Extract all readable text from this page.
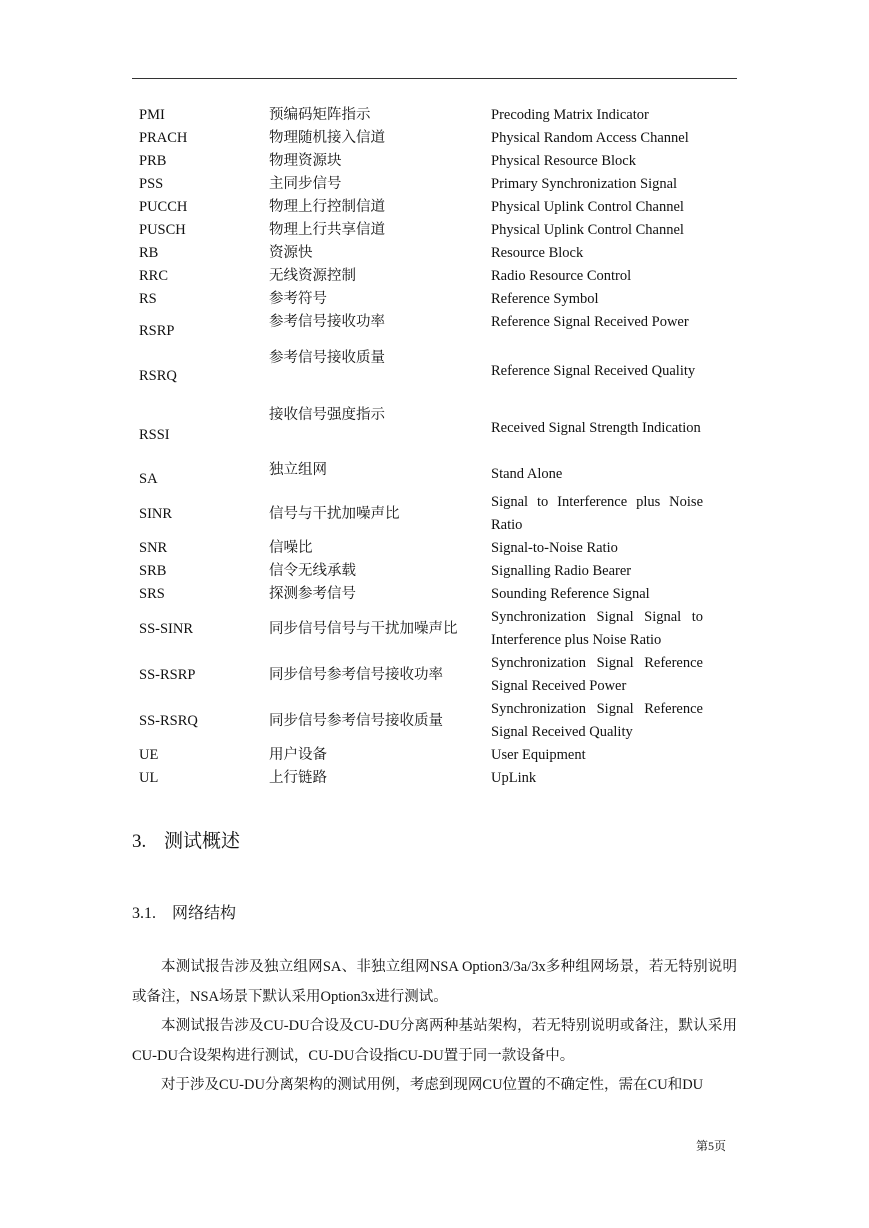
PMI	预编码矩阵指示	Precoding Matrix Indicator
PRACH	物理随机接入信道	Physical Random Access Channel
PRB	物理资源块	Physical Resource Block
PSS	主同步信号	Primary Synchronization Signal
PUCCH	物理上行控制信道	Physical Uplink Control Channel
PUSCH	物理上行共享信道	Physical Uplink Control Channel
RB	资源快	Resource Block
RRC	无线资源控制	Radio Resource Control
RS	参考符号	Reference Symbol
RSRP	参考信号接收功率	Reference Signal Received Power
RSRQ	参考信号接收质量	Reference Signal Received Quality
RSSI	接收信号强度指示	Received Signal Strength Indication
SA	独立组网	Stand Alone
SINR	信号与干扰加噪声比	Signal to Interference plus Noise Ratio
SNR	信噪比	Signal-to-Noise Ratio
SRB	信令无线承载	Signalling Radio Bearer
SRS	探测参考信号	Sounding Reference Signal
SS-SINR	同步信号信号与干扰加噪声比	Synchronization Signal Signal to Interference plus Noise Ratio
SS-RSRP	同步信号参考信号接收功率	Synchronization Signal Reference Signal Received Power
SS-RSRQ	同步信号参考信号接收质量	Synchronization Signal Reference Signal Received Quality
UE	用户设备	User Equipment
UL	上行链路	UpLink
3. 测试概述
3.1. 网络结构

本测试报告涉及独立组网SA、非独立组网NSA Option3/3a/3x多种组网场景，若无特别说明或备注，NSA场景下默认采用Option3x进行测试。

本测试报告涉及CU-DU合设及CU-DU分离两种基站架构，若无特别说明或备注，默认采用CU-DU合设架构进行测试，CU-DU合设指CU-DU置于同一款设备中。

对于涉及CU-DU分离架构的测试用例，考虑到现网CU位置的不确定性，需在CU和DU

第5页
